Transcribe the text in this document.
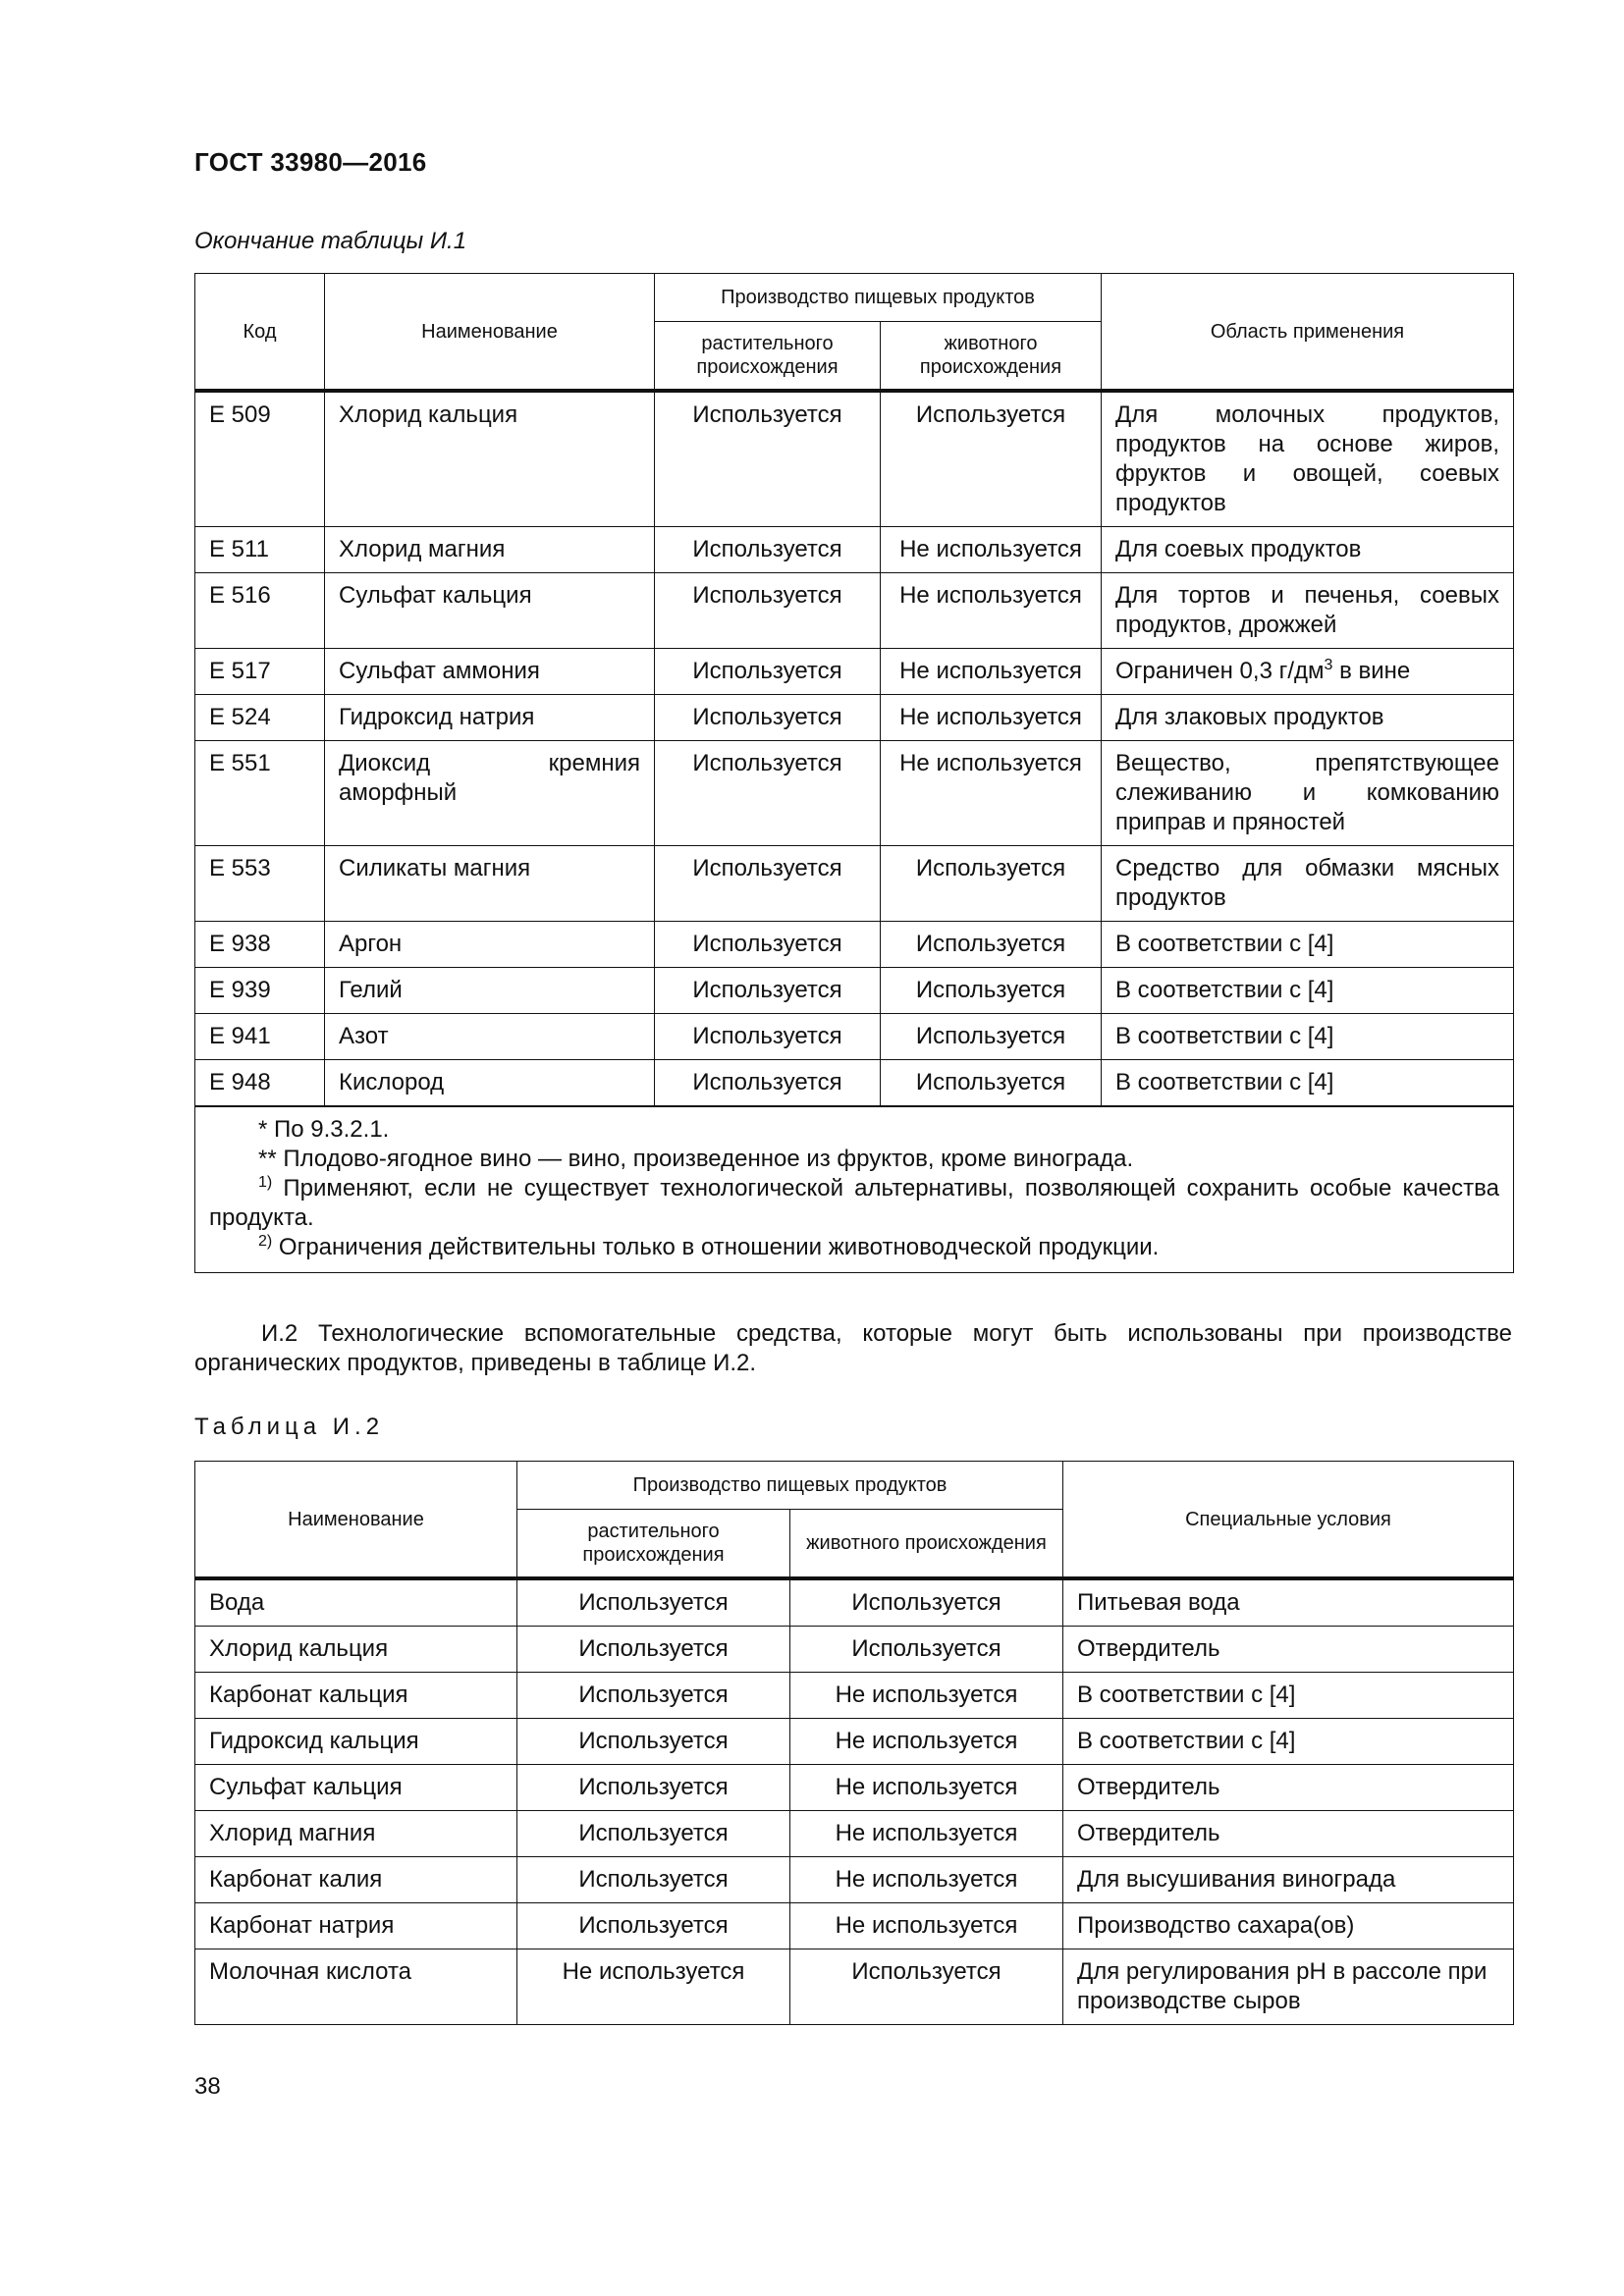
ГОСТ 33980—2016
Окончание таблицы И.1
Код	Наименование	Производство пищевых продуктов		Область применения
		растительного происхождения	животного происхождения	
Е 509	Хлорид кальция	Используется	Используется	Для молочных продуктов, продуктов на основе жиров, фруктов и овощей, соевых продуктов
Е 511	Хлорид магния	Используется	Не используется	Для соевых продуктов
Е 516	Сульфат кальция	Используется	Не используется	Для тортов и печенья, соевых продуктов, дрожжей
Е 517	Сульфат аммония	Используется	Не используется	Ограничен 0,3 $г/дм^3$ в вине
Е 524	Гидроксид натрия	Используется	Не используется	Для злаковых продуктов
Е 551	Диоксид кремния аморфный	Используется	Не используется	Вещество, препятствующее слеживанию и комкованию приправ и пряностей
Е 553	Силикаты магния	Используется	Используется	Средство для обмазки мясных продуктов
Е 938	Аргон	Используется	Используется	В соответствии с [4]
Е 939	Гелий	Используется	Используется	В соответствии с [4]
Е 941	Азот	Используется	Используется	В соответствии с [4]
Е 948	Кислород	Используется	Используется	В соответствии с [4]

* По 9.3.2.1.
** Плодово-ягодное вино — вино, произведенное из фруктов, кроме винограда.
$^{1)}$ Применяют, если не существует технологической альтернативы, позволяющей сохранить особые качества продукта.
$^{2)}$ Ограничения действительны только в отношении животноводческой продукции.				
И.2 Технологические вспомогательные средства, которые могут быть использованы при производстве органических продуктов, приведены в таблице И.2.
Таблица И.2
Наименование	Производство пищевых продуктов		Специальные условия
	растительного происхождения	животного происхождения	
Вода	Используется	Используется	Питьевая вода
Хлорид кальция	Используется	Используется	Отвердитель
Карбонат кальция	Используется	Не используется	В соответствии с [4]
Гидроксид кальция	Используется	Не используется	В соответствии с [4]
Сульфат кальция	Используется	Не используется	Отвердитель
Хлорид магния	Используется	Не используется	Отвердитель
Карбонат калия	Используется	Не используется	Для высушивания винограда
Карбонат натрия	Используется	Не используется	Производство сахара(ов)
Молочная кислота	Не используется	Используется	Для регулирования рН в рассоле при производстве сыров
38
